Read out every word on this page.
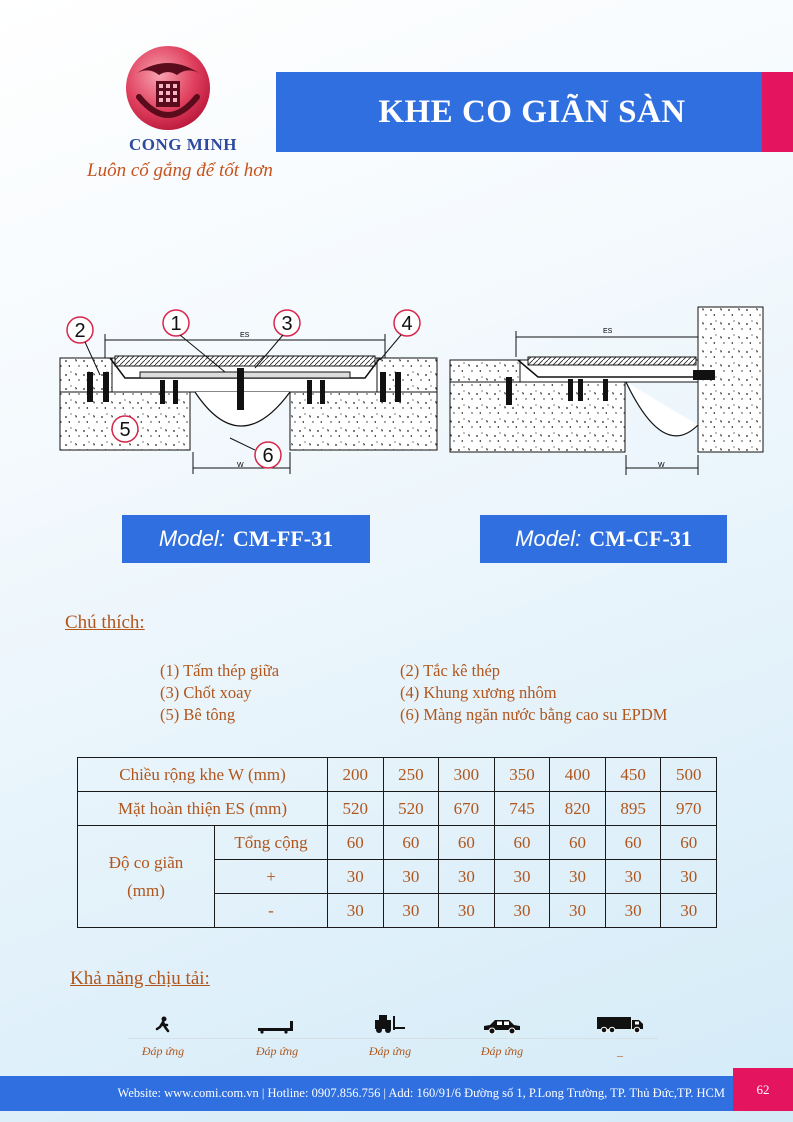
CONG MINH
Luôn cố gắng để tốt hơn
KHE CO GIÃN SÀN
ES
W
2	1	3	4
5
6
ES
W
Model: CM-FF-31	Model: CM-CF-31
Chú thích:
(1) Tấm thép giữa	(2) Tắc kê thép
(3) Chốt xoay	(4) Khung xương nhôm
(5) Bê tông	(6) Màng ngăn nước bằng cao su EPDM
Chiều rộng khe W (mm)		200	250	300	350	400	450	500
Mặt hoàn thiện ES (mm)		520	520	670	745	820	895	970

Độ co giãn
(mm)	Tổng cộng	60	60	60	60	60	60	60
	+	30	30	30	30	30	30	30
	-	30	30	30	30	30	30	30
Khả năng chịu tải:
Đáp ứng	Đáp ứng	Đáp ứng	Đáp ứng	_
Website: www.comi.com.vn | Hotline: 0907.856.756 | Add: 160/91/6 Đường số 1, P.Long Trường, TP. Thủ Đức,TP. HCM	62
